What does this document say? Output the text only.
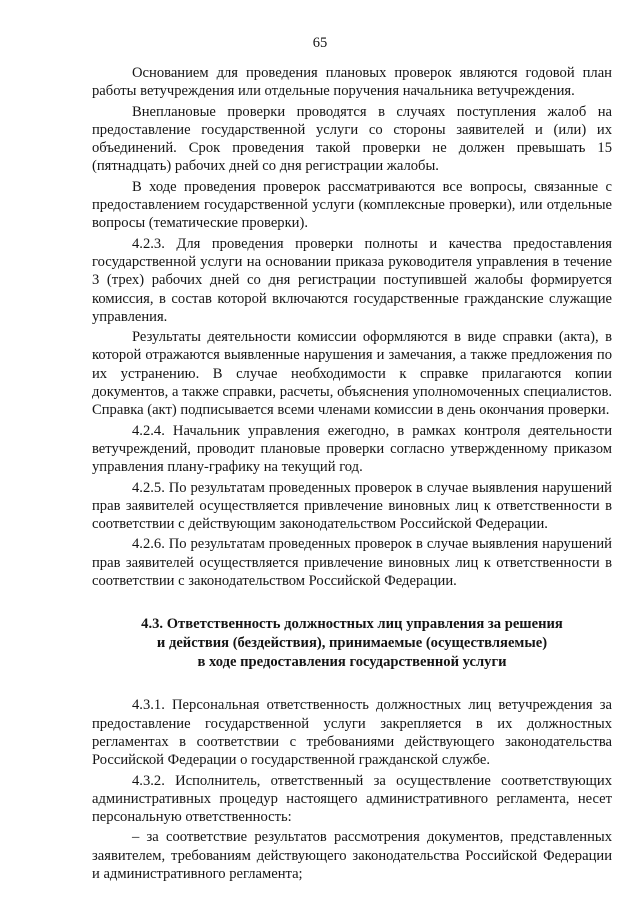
65

Основанием для проведения плановых проверок являются годовой план работы ветучреждения или отдельные поручения начальника ветучреждения.

Внеплановые проверки проводятся в случаях поступления жалоб на предоставление государственной услуги со стороны заявителей и (или) их объединений. Срок проведения такой проверки не должен превышать 15 (пятнадцать) рабочих дней со дня регистрации жалобы.

В ходе проведения проверок рассматриваются все вопросы, связанные с предоставлением государственной услуги (комплексные проверки), или отдельные вопросы (тематические проверки).

4.2.3. Для проведения проверки полноты и качества предоставления государственной услуги на основании приказа руководителя управления в течение 3 (трех) рабочих дней со дня регистрации поступившей жалобы формируется комиссия, в состав которой включаются государственные гражданские служащие управления.

Результаты деятельности комиссии оформляются в виде справки (акта), в которой отражаются выявленные нарушения и замечания, а также предложения по их устранению. В случае необходимости к справке прилагаются копии документов, а также справки, расчеты, объяснения уполномоченных специалистов. Справка (акт) подписывается всеми членами комиссии в день окончания проверки.

4.2.4. Начальник управления ежегодно, в рамках контроля деятельности ветучреждений, проводит плановые проверки согласно утвержденному приказом управления плану-графику на текущий год.

4.2.5. По результатам проведенных проверок в случае выявления нарушений прав заявителей осуществляется привлечение виновных лиц к ответственности в соответствии с действующим законодательством Российской Федерации.

4.2.6. По результатам проведенных проверок в случае выявления нарушений прав заявителей осуществляется привлечение виновных лиц к ответственности в соответствии с законодательством Российской Федерации.

4.3. Ответственность должностных лиц управления за решения
и действия (бездействия), принимаемые (осуществляемые)
в ходе предоставления государственной услуги

4.3.1. Персональная ответственность должностных лиц ветучреждения за предоставление государственной услуги закрепляется в их должностных регламентах в соответствии с требованиями действующего законодательства Российской Федерации о государственной гражданской службе.

4.3.2. Исполнитель, ответственный за осуществление соответствующих административных процедур настоящего административного регламента, несет персональную ответственность:

– за соответствие результатов рассмотрения документов, представленных заявителем, требованиям действующего законодательства Российской Федерации и административного регламента;
